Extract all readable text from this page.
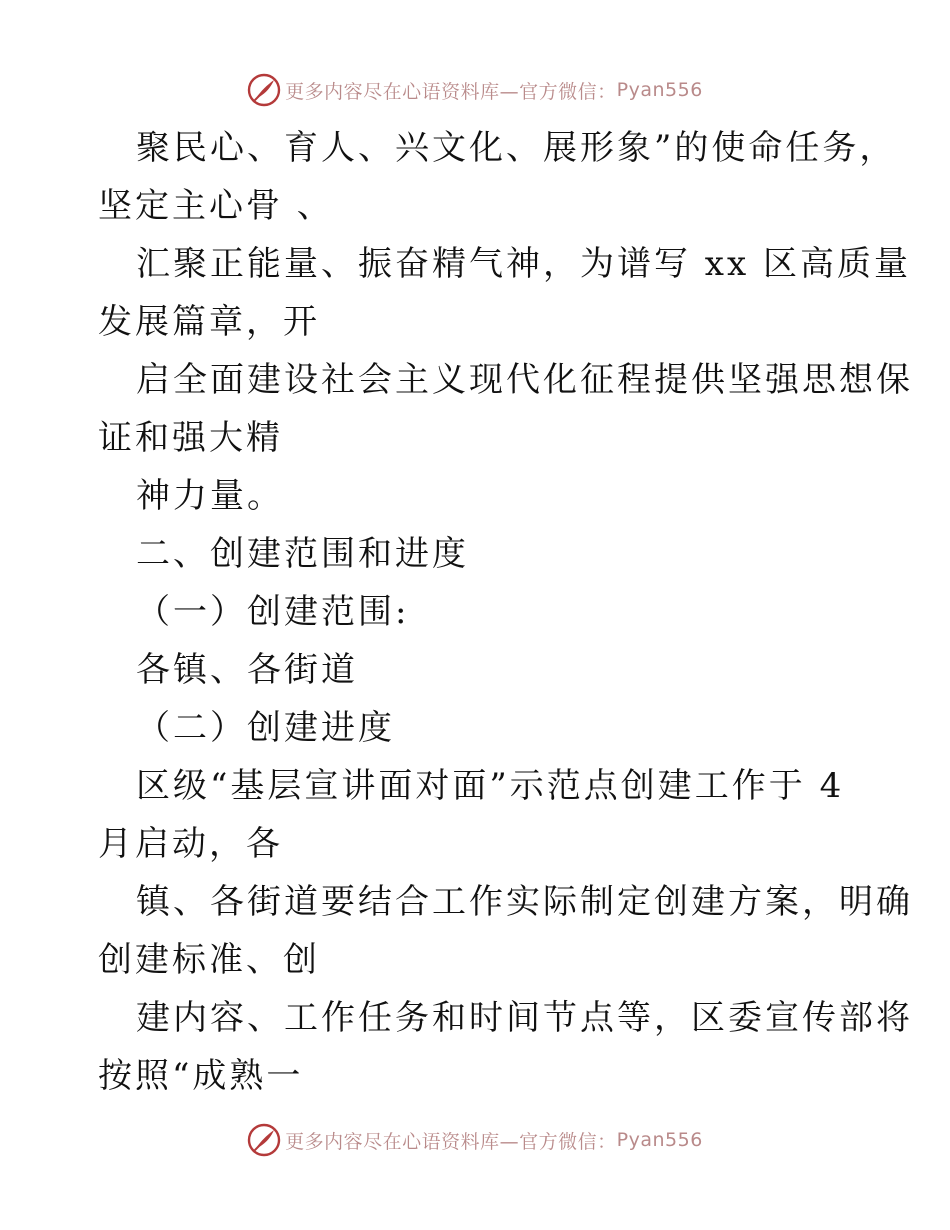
更多内容尽在心语资料库—官方微信： Pyan556
聚民心、育人、兴文化、展形象”的使命任务，
坚定主心骨 、
汇聚正能量、振奋精气神，为谱写 xx 区高质量
发展篇章，开
启全面建设社会主义现代化征程提供坚强思想保
证和强大精
神力量。
二、创建范围和进度
（一）创建范围:
各镇、各街道
（二）创建进度
区级“基层宣讲面对面”示范点创建工作于 4
月启动，各
镇、各街道要结合工作实际制定创建方案，明确
创建标准、创
建内容、工作任务和时间节点等，区委宣传部将
按照“成熟一
更多内容尽在心语资料库—官方微信： Pyan556
